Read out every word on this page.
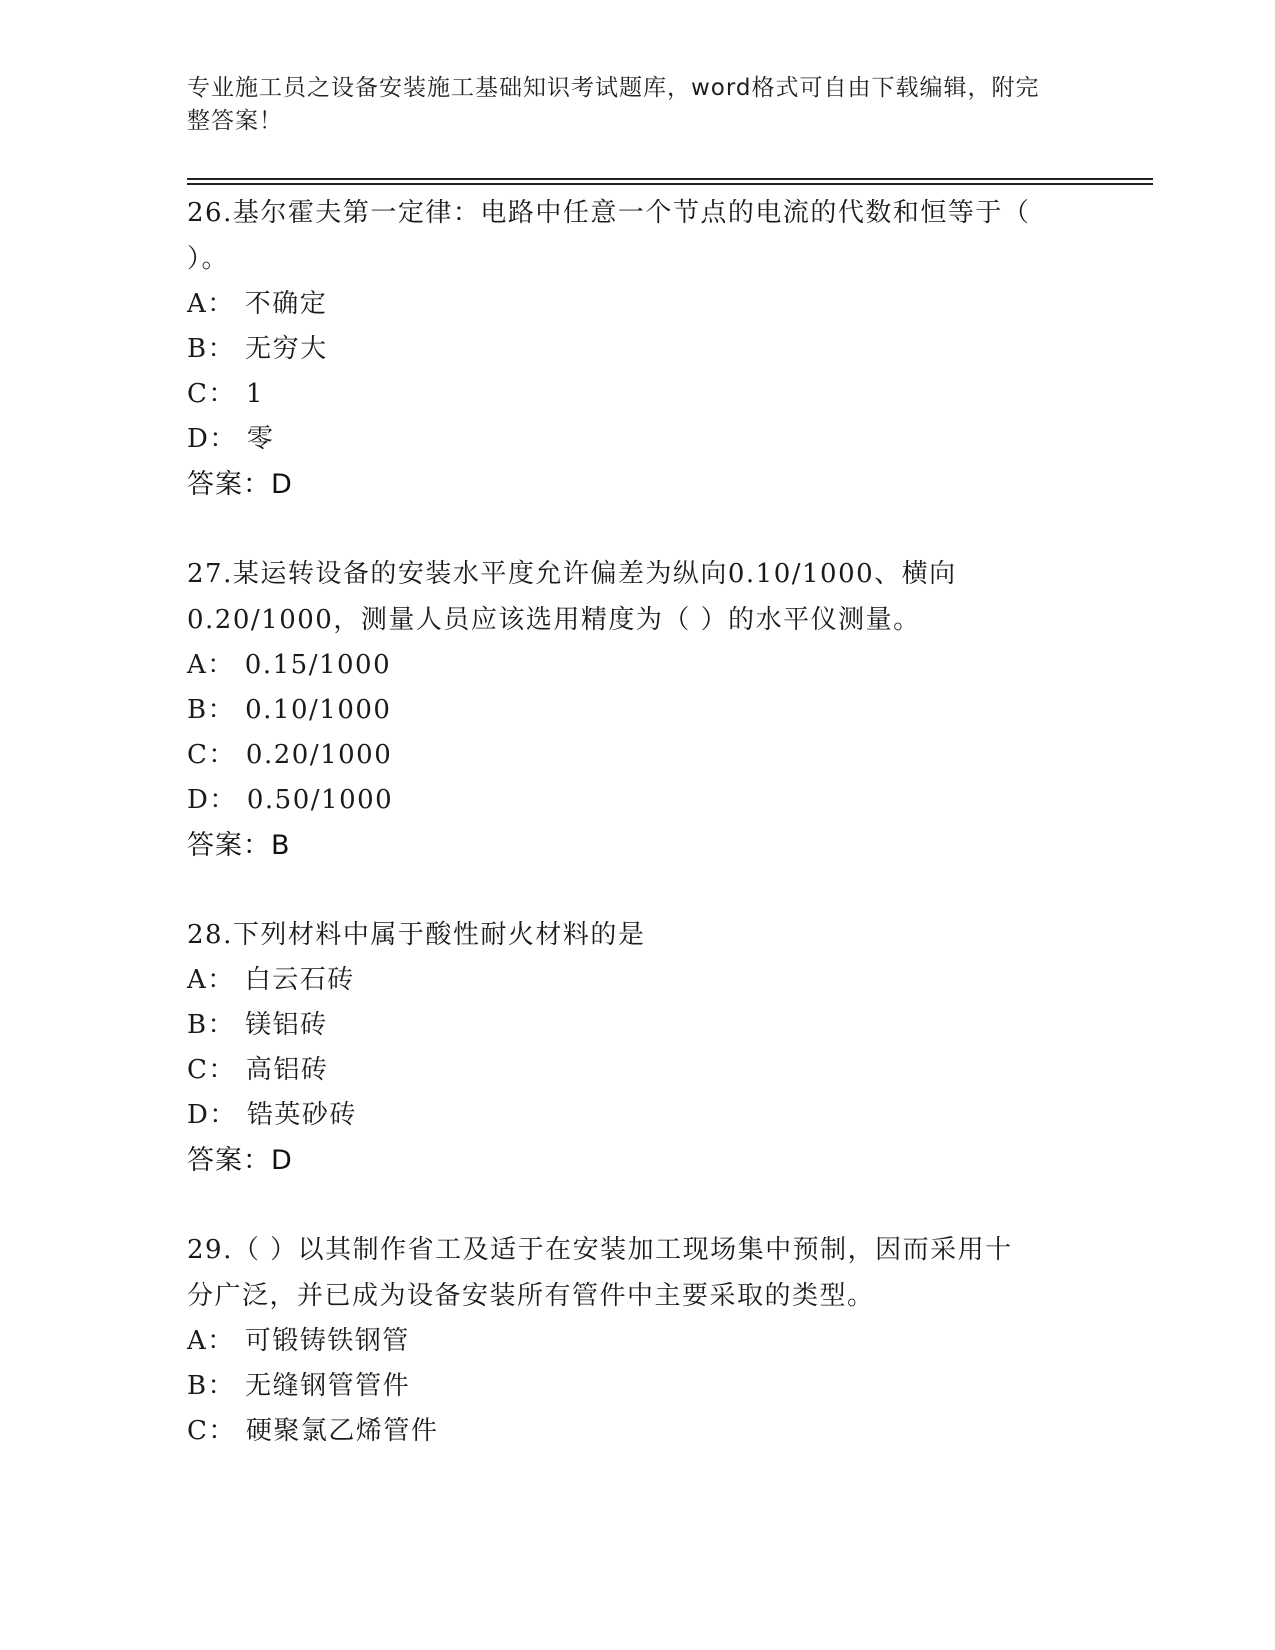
专业施工员之设备安装施工基础知识考试题库，word格式可自由下载编辑，附完
整答案！
26.基尔霍夫第一定律：电路中任意一个节点的电流的代数和恒等于（
）。
A： 不确定
B： 无穷大
C： 1
D： 零
答案：D
27.某运转设备的安装水平度允许偏差为纵向0.10/1000、横向
0.20/1000，测量人员应该选用精度为（ ）的水平仪测量。
A： 0.15/1000
B： 0.10/1000
C： 0.20/1000
D： 0.50/1000
答案：B
28.下列材料中属于酸性耐火材料的是
A： 白云石砖
B： 镁铝砖
C： 高铝砖
D： 锆英砂砖
答案：D
29.（ ）以其制作省工及适于在安装加工现场集中预制，因而采用十
分广泛，并已成为设备安装所有管件中主要采取的类型。
A： 可锻铸铁钢管
B： 无缝钢管管件
C： 硬聚氯乙烯管件
